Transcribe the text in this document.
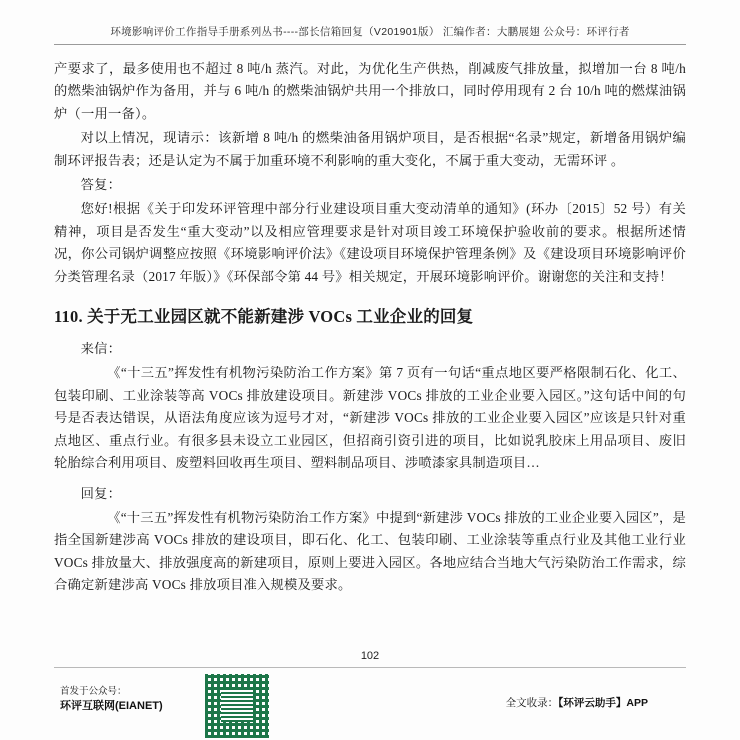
环境影响评价工作指导手册系列丛书----部长信箱回复（V201901版） 汇编作者：大鹏展翅 公众号：环评行者

产要求了，最多使用也不超过 8 吨/h 蒸汽。对此，为优化生产供热，削减废气排放量，拟增加一台 8 吨/h 的燃柴油锅炉作为备用，并与 6 吨/h 的燃柴油锅炉共用一个排放口，同时停用现有 2 台 10/h 吨的燃煤油锅炉（一用一备）。

对以上情况，现请示：该新增 8 吨/h 的燃柴油备用锅炉项目，是否根据“名录”规定，新增备用锅炉编制环评报告表；还是认定为不属于加重环境不利影响的重大变化，不属于重大变动，无需环评 。

答复：

您好!根据《关于印发环评管理中部分行业建设项目重大变动清单的通知》(环办〔2015〕52 号）有关精神，项目是否发生“重大变动”以及相应管理要求是针对项目竣工环境保护验收前的要求。根据所述情况，你公司锅炉调整应按照《环境影响评价法》《建设项目环境保护管理条例》及《建设项目环境影响评价分类管理名录（2017 年版）》《环保部令第 44 号》相关规定，开展环境影响评价。谢谢您的关注和支持！

110. 关于无工业园区就不能新建涉 VOCs 工业企业的回复

来信：

《“十三五”挥发性有机物污染防治工作方案》第 7 页有一句话“重点地区要严格限制石化、化工、包装印刷、工业涂装等高 VOCs 排放建设项目。新建涉 VOCs 排放的工业企业要入园区。”这句话中间的句号是否表达错误，从语法角度应该为逗号才对，“新建涉 VOCs 排放的工业企业要入园区”应该是只针对重点地区、重点行业。有很多县未设立工业园区，但招商引资引进的项目，比如说乳胶床上用品项目、废旧轮胎综合利用项目、废塑料回收再生项目、塑料制品项目、涉喷漆家具制造项目…

回复：

《“十三五”挥发性有机物污染防治工作方案》中提到“新建涉 VOCs 排放的工业企业要入园区”，是指全国新建涉高 VOCs 排放的建设项目，即石化、化工、包装印刷、工业涂装等重点行业及其他工业行业 VOCs 排放量大、排放强度高的新建项目，原则上要进入园区。各地应结合当地大气污染防治工作需求，综合确定新建涉高 VOCs 排放项目准入规模及要求。

102
首发于公众号：
环评互联网(EIANET)	全文收录：【环评云助手】APP
